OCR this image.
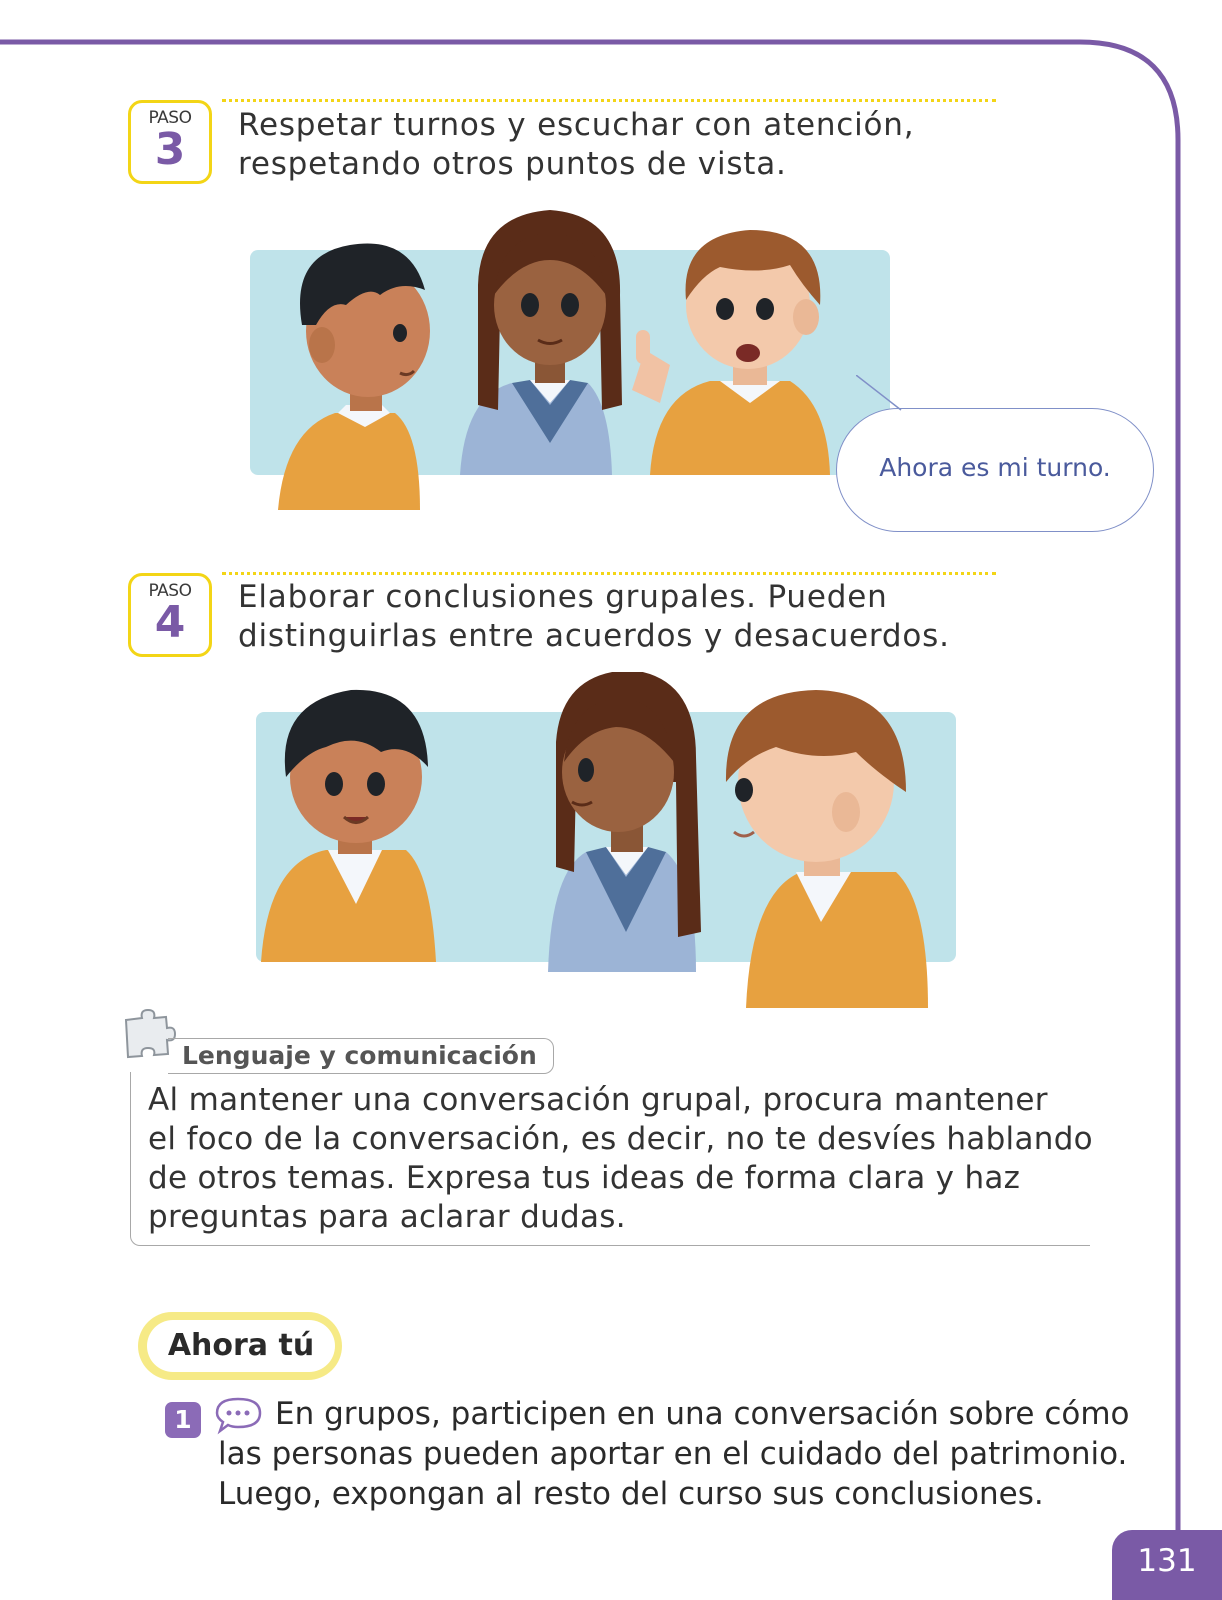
PASO
3	Respetar turnos y escuchar con atención,
respetando otros puntos de vista.

Ahora es mi turno.
PASO
4	Elaborar conclusiones grupales. Pueden
distinguirlas entre acuerdos y desacuerdos.

Lenguaje y comunicación

Al mantener una conversación grupal, procura mantener
el foco de la conversación, es decir, no te desvíes hablando
de otros temas. Expresa tus ideas de forma clara y haz
preguntas para aclarar dudas.

Ahora tú
1	En grupos, participen en una conversación sobre cómo

las personas pueden aportar en el cuidado del patrimonio.
Luego, expongan al resto del curso sus conclusiones.

131
